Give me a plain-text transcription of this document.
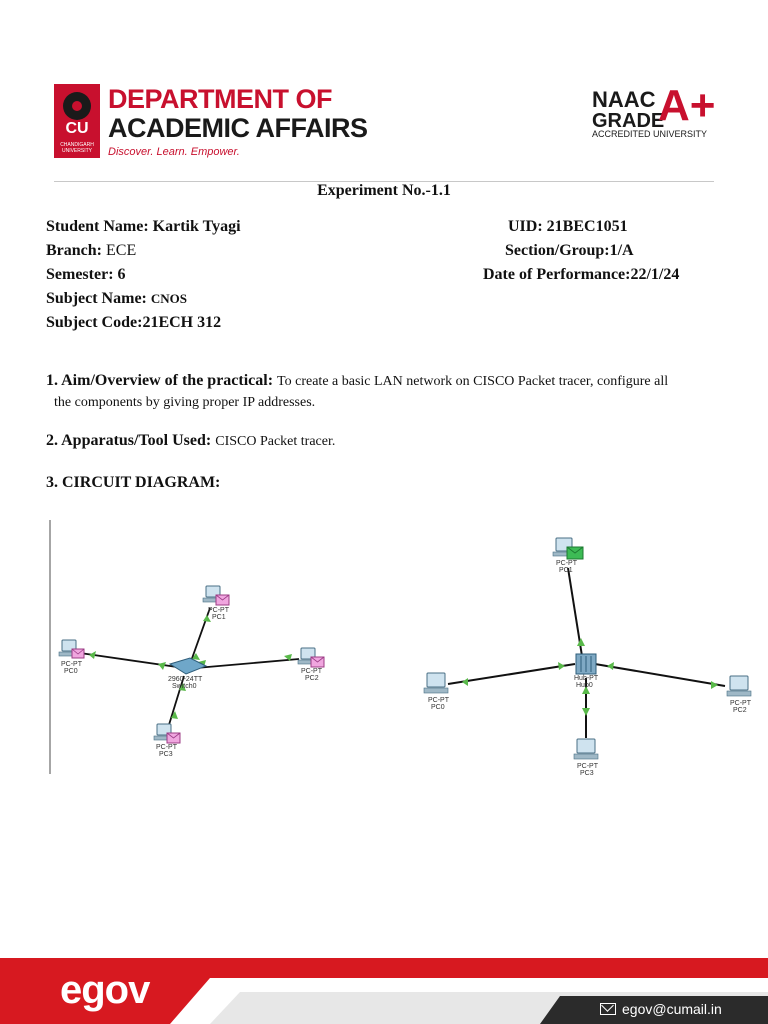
CU
CHANDIGARH UNIVERSITY
DEPARTMENT OF
ACADEMIC AFFAIRS
Discover. Learn. Empower.
NAAC
GRADE
A+
ACCREDITED UNIVERSITY
Experiment No.-1.1
Student Name: Kartik Tyagi	UID: 21BEC1051
Branch: ECE	Section/Group:1/A
Semester: 6	Date of Performance:22/1/24
Subject Name: CNOS
Subject Code:21ECH 312
1. Aim/Overview of the practical: To create a basic LAN network on CISCO Packet tracer, configure all
the components by giving proper IP addresses.
2. Apparatus/Tool Used: CISCO Packet tracer.
3. CIRCUIT DIAGRAM:
2960-24TT
Switch0
PC-PT
PC0
PC-PT
PC1
PC-PT
PC2
PC-PT
PC3
Hub-PT
Hub0
PC-PT
PC1
PC-PT
PC0
PC-PT
PC2
PC-PT
PC3
egov	egov@cumail.in
